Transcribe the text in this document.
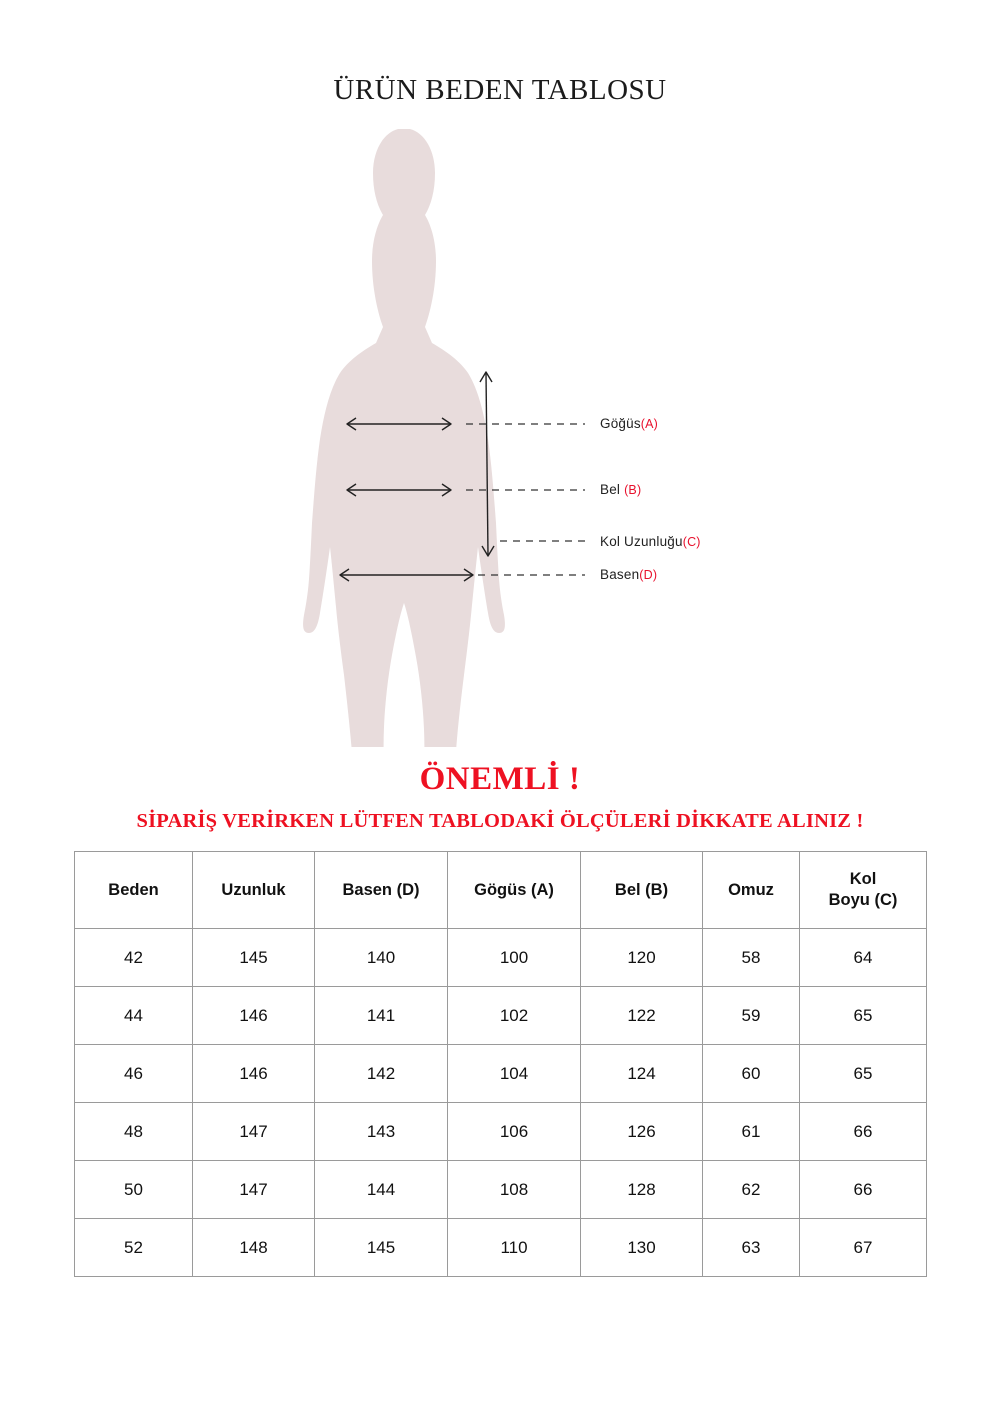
ÜRÜN BEDEN TABLOSU
Göğüs(A)
Bel (B)
Kol Uzunluğu(C)
Basen(D)
ÖNEMLİ !
SİPARİŞ VERİRKEN LÜTFEN TABLODAKİ ÖLÇÜLERİ DİKKATE ALINIZ !
Beden	Uzunluk	Basen (D)	Gögüs (A)	Bel (B)	Omuz	Kol
Boyu (C)
42	145	140	100	120	58	64
44	146	141	102	122	59	65
46	146	142	104	124	60	65
48	147	143	106	126	61	66
50	147	144	108	128	62	66
52	148	145	110	130	63	67
